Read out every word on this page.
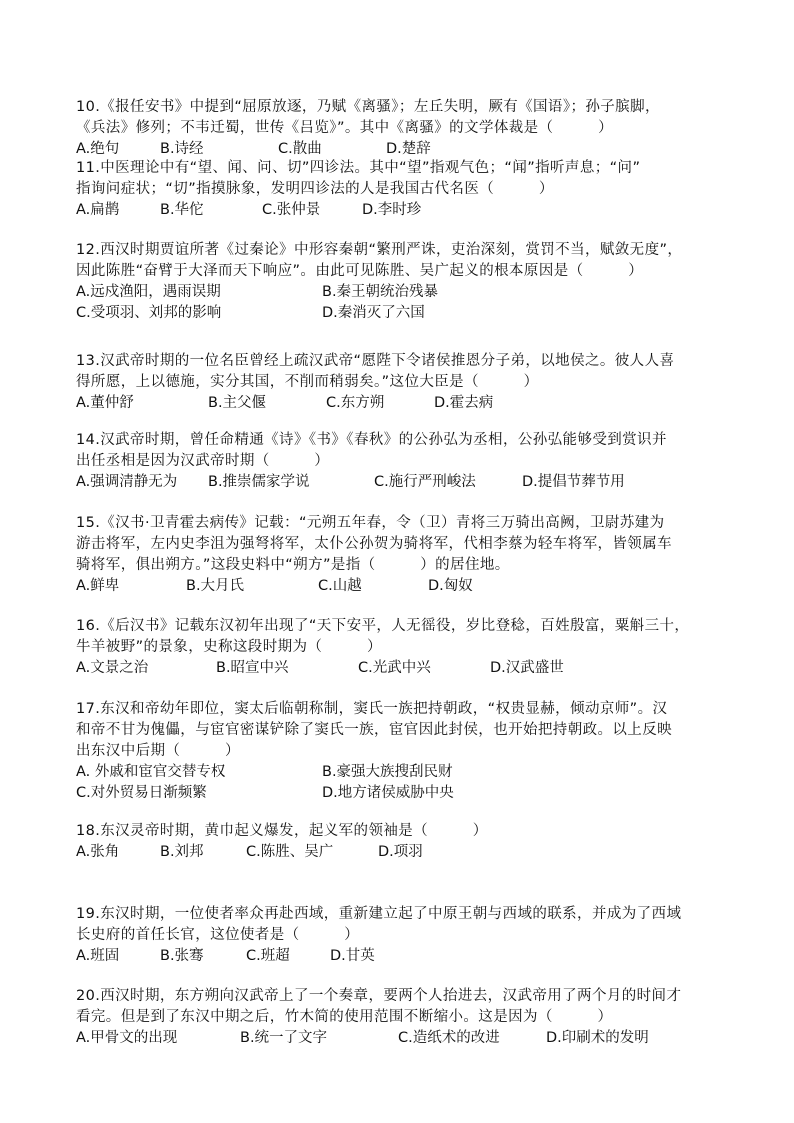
10.《报任安书》中提到“屈原放逐，乃赋《离骚》；左丘失明，厥有《国语》；孙子膑脚，
《兵法》修列；不韦迁蜀，世传《吕览》”。其中《离骚》的文学体裁是（　　　）
A.绝句	B.诗经	C.散曲	D.楚辞
11.中医理论中有“望、闻、问、切”四诊法。其中“望”指观气色；“闻”指听声息；“问”
指询问症状；“切”指摸脉象，发明四诊法的人是我国古代名医（　　　）
A.扁鹊	B.华佗	C.张仲景	D.李时珍
12.西汉时期贾谊所著《过秦论》中形容秦朝“繁刑严诛，吏治深刻，赏罚不当，赋敛无度”，
因此陈胜“奋臂于大泽而天下响应”。由此可见陈胜、吴广起义的根本原因是（　　　）
A.远戍渔阳，遇雨误期	B.秦王朝统治残暴
C.受项羽、刘邦的影响	D.秦消灭了六国
13.汉武帝时期的一位名臣曾经上疏汉武帝“愿陛下令诸侯推恩分子弟，以地侯之。彼人人喜
得所愿，上以德施，实分其国，不削而稍弱矣。”这位大臣是（　　　）
A.董仲舒	B.主父偃	C.东方朔	D.霍去病
14.汉武帝时期，曾任命精通《诗》《书》《春秋》的公孙弘为丞相，公孙弘能够受到赏识并
出任丞相是因为汉武帝时期（　　　）
A.强调清静无为 B.推崇儒家学说	C.施行严刑峻法	D.提倡节葬节用
15.《汉书·卫青霍去病传》记载：“元朔五年春，令（卫）青将三万骑出高阙，卫尉苏建为
游击将军，左内史李沮为强弩将军，太仆公孙贺为骑将军，代相李蔡为轻车将军，皆领属车
骑将军，俱出朔方。”这段史料中“朔方”是指（　　　）的居住地。
A.鲜卑	B.大月氏	C.山越	D.匈奴
16.《后汉书》记载东汉初年出现了“天下安平，人无徭役，岁比登稔，百姓殷富，粟斛三十，
牛羊被野”的景象，史称这段时期为（　　　）
A.文景之治	B.昭宣中兴	C.光武中兴	D.汉武盛世
17.东汉和帝幼年即位，窦太后临朝称制，窦氏一族把持朝政，“权贵显赫，倾动京师”。汉
和帝不甘为傀儡，与宦官密谋铲除了窦氏一族，宦官因此封侯，也开始把持朝政。以上反映
出东汉中后期（　　　）
A. 外戚和宦官交替专权	B.豪强大族搜刮民财
C.对外贸易日渐频繁	D.地方诸侯威胁中央
18.东汉灵帝时期，黄巾起义爆发，起义军的领袖是（　　　）
A.张角	B.刘邦	C.陈胜、吴广	D.项羽
19.东汉时期，一位使者率众再赴西域，重新建立起了中原王朝与西域的联系，并成为了西域
长史府的首任长官，这位使者是（　　　）
A.班固	B.张骞	C.班超	D.甘英
20.西汉时期，东方朔向汉武帝上了一个奏章，要两个人抬进去，汉武帝用了两个月的时间才
看完。但是到了东汉中期之后，竹木简的使用范围不断缩小。这是因为（　　　）
A.甲骨文的出现	B.统一了文字	C.造纸术的改进	D.印刷术的发明
